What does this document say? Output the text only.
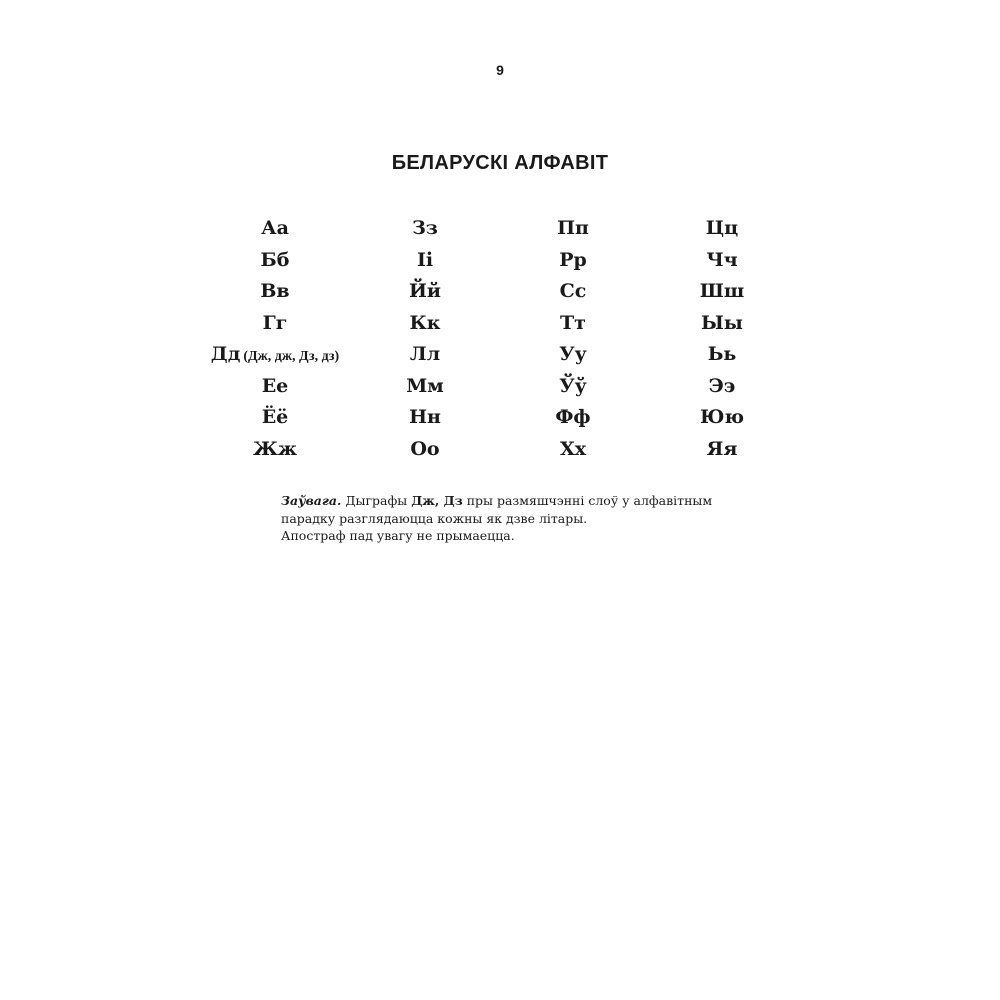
9
БЕЛАРУСКІ АЛФАВІТ
Аа
Бб
Вв
Гг
Дд (Дж, дж, Дз, дз)
Ее
Ёё
Жж
Зз
Іі
Йй
Кк
Лл
Мм
Нн
Оо
Пп
Рр
Сс
Тт
Уу
Ўў
Фф
Хх
Цц
Чч
Шш
Ыы
Ьь
Ээ
Юю
Яя
Заўвага. Дыграфы Дж, Дз пры размяшчэнні слоў у алфавітным
парадку разглядаюцца кожны як дзве літары.
Апостраф пад увагу не прымаецца.
